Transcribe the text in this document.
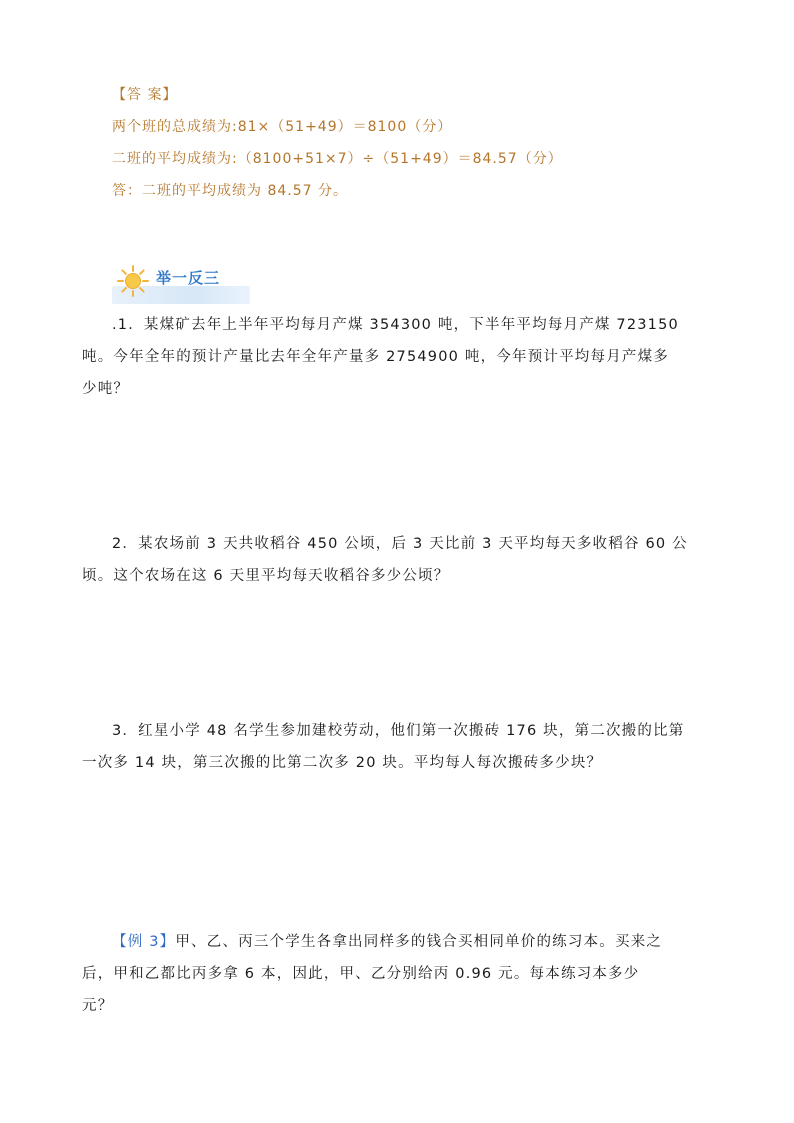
【答 案】
两个班的总成绩为:81×（51+49）＝8100（分）
二班的平均成绩为:（8100+51×7）÷（51+49）＝84.57（分）
答：二班的平均成绩为 84.57 分。
举一反三
.1．某煤矿去年上半年平均每月产煤 354300 吨，下半年平均每月产煤 723150
吨。今年全年的预计产量比去年全年产量多 2754900 吨，今年预计平均每月产煤多
少吨？
2．某农场前 3 天共收稻谷 450 公顷，后 3 天比前 3 天平均每天多收稻谷 60 公
顷。这个农场在这 6 天里平均每天收稻谷多少公顷？
3．红星小学 48 名学生参加建校劳动，他们第一次搬砖 176 块，第二次搬的比第
一次多 14 块，第三次搬的比第二次多 20 块。平均每人每次搬砖多少块？
【例 3】甲、乙、丙三个学生各拿出同样多的钱合买相同单价的练习本。买来之
后，甲和乙都比丙多拿 6 本，因此，甲、乙分别给丙 0.96 元。每本练习本多少
元？
